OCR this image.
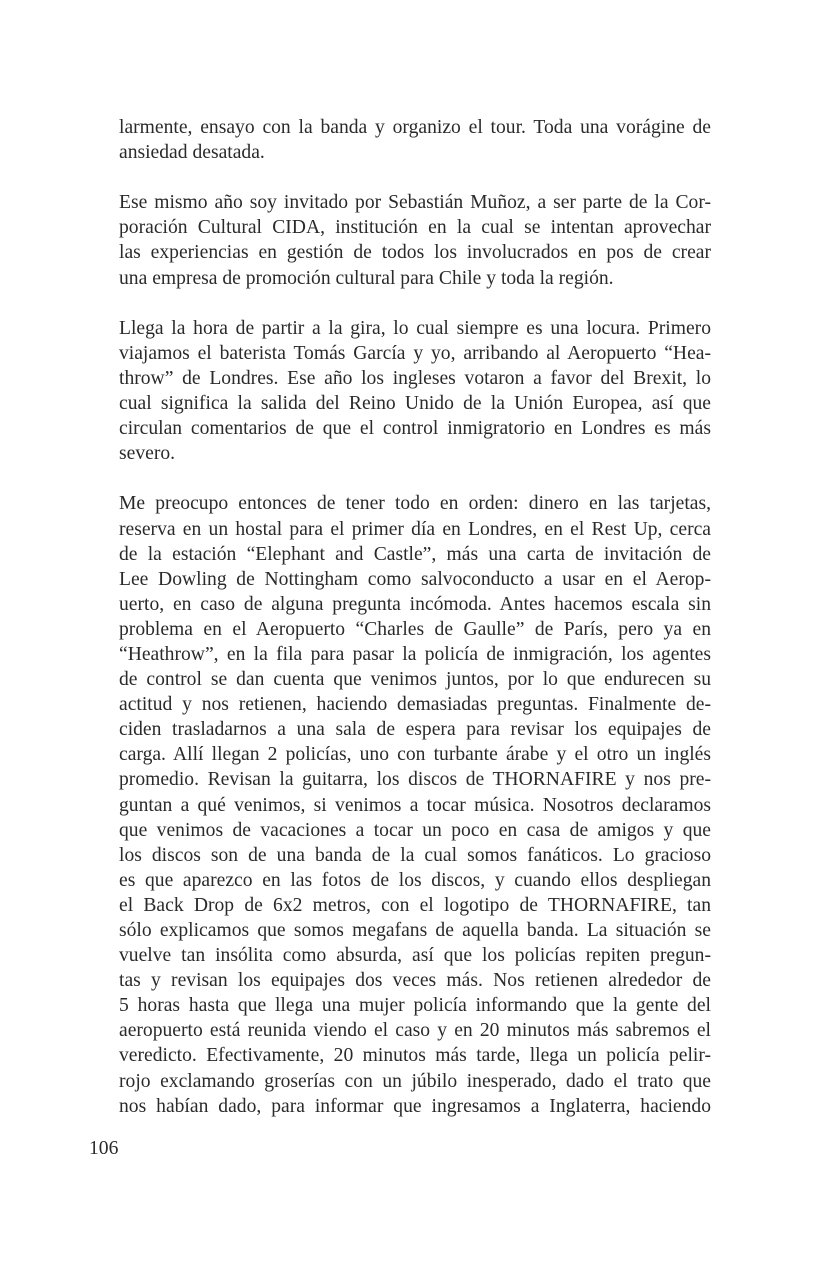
larmente, ensayo con la banda y organizo el tour. Toda una vorágine de
ansiedad desatada.
Ese mismo año soy invitado por Sebastián Muñoz, a ser parte de la Cor-
poración Cultural CIDA, institución en la cual se intentan aprovechar
las experiencias en gestión de todos los involucrados en pos de crear
una empresa de promoción cultural para Chile y toda la región.
Llega la hora de partir a la gira, lo cual siempre es una locura. Primero
viajamos el baterista Tomás García y yo, arribando al Aeropuerto “Hea-
throw” de Londres. Ese año los ingleses votaron a favor del Brexit, lo
cual significa la salida del Reino Unido de la Unión Europea, así que
circulan comentarios de que el control inmigratorio en Londres es más
severo.
Me preocupo entonces de tener todo en orden: dinero en las tarjetas,
reserva en un hostal para el primer día en Londres, en el Rest Up, cerca
de la estación “Elephant and Castle”, más una carta de invitación de
Lee Dowling de Nottingham como salvoconducto a usar en el Aerop-
uerto, en caso de alguna pregunta incómoda. Antes hacemos escala sin
problema en el Aeropuerto “Charles de Gaulle” de París, pero ya en
“Heathrow”, en la fila para pasar la policía de inmigración, los agentes
de control se dan cuenta que venimos juntos, por lo que endurecen su
actitud y nos retienen, haciendo demasiadas preguntas. Finalmente de-
ciden trasladarnos a una sala de espera para revisar los equipajes de
carga. Allí llegan 2 policías, uno con turbante árabe y el otro un inglés
promedio. Revisan la guitarra, los discos de THORNAFIRE y nos pre-
guntan a qué venimos, si venimos a tocar música. Nosotros declaramos
que venimos de vacaciones a tocar un poco en casa de amigos y que
los discos son de una banda de la cual somos fanáticos. Lo gracioso
es que aparezco en las fotos de los discos, y cuando ellos despliegan
el Back Drop de 6x2 metros, con el logotipo de THORNAFIRE, tan
sólo explicamos que somos megafans de aquella banda. La situación se
vuelve tan insólita como absurda, así que los policías repiten pregun-
tas y revisan los equipajes dos veces más. Nos retienen alrededor de
5 horas hasta que llega una mujer policía informando que la gente del
aeropuerto está reunida viendo el caso y en 20 minutos más sabremos el
veredicto. Efectivamente, 20 minutos más tarde, llega un policía pelir-
rojo exclamando groserías con un júbilo inesperado, dado el trato que
nos habían dado, para informar que ingresamos a Inglaterra, haciendo
106
